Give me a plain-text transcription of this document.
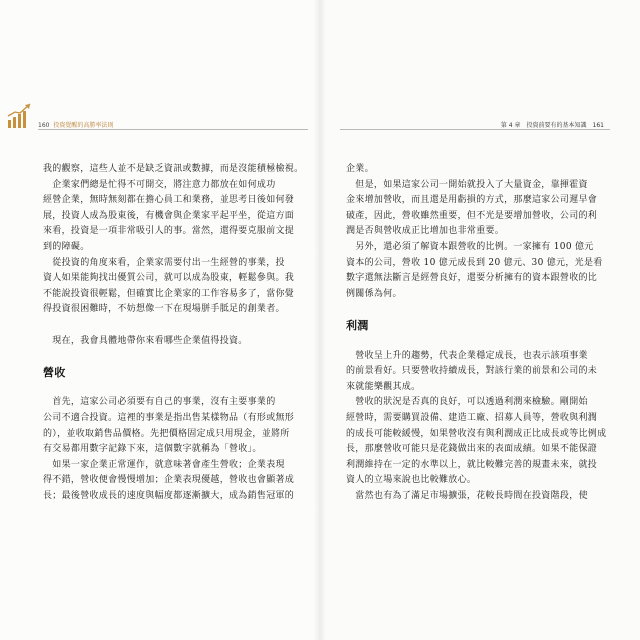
160 投資覺醒的高勝率法則

我的觀察，這些人並不是缺乏資訊或數據，而是沒能積極檢視。

　企業家們總是忙得不可開交，將注意力都放在如何成功

經營企業，無時無刻都在擔心員工和業務，並思考日後如何發

展，投資人成為股東後，有機會與企業家平起平坐，從這方面

來看，投資是一項非常吸引人的事。當然，還得要克服前文提

到的障礙。

　從投資的角度來看，企業家需要付出一生經營的事業，投

資人如果能夠找出優質公司，就可以成為股東，輕鬆參與。我

不能說投資很輕鬆，但確實比企業家的工作容易多了，當你覺

得投資很困難時，不妨想像一下在現場胼手胝足的創業者。

　現在，我會具體地帶你來看哪些企業值得投資。

營收

　首先，這家公司必須要有自己的事業，沒有主要事業的

公司不適合投資。這裡的事業是指出售某樣物品（有形或無形

的），並收取銷售品價格。先把價格固定成只用現金，並將所

有交易都用數字記錄下來，這個數字就稱為「營收」。

　如果一家企業正常運作，就意味著會產生營收；企業表現

得不錯，營收便會慢慢增加；企業表現優越，營收也會顯著成

長；最後營收成長的速度與幅度都逐漸擴大，成為銷售冠軍的

第 4 章 投資前要有的基本知識 161

企業。

　但是，如果這家公司一開始就投入了大量資金，靠揮霍資

金來增加營收，而且還是用虧損的方式，那麼這家公司遲早會

破產，因此，營收雖然重要，但不光是要增加營收，公司的利

潤是否與營收成正比增加也非常重要。

　另外，還必須了解資本跟營收的比例。一家擁有 100 億元

資本的公司，營收 10 億元成長到 20 億元、30 億元，光是看

數字還無法斷言是經營良好，還要分析擁有的資本跟營收的比

例關係為何。

利潤

　營收呈上升的趨勢，代表企業穩定成長，也表示該項事業

的前景看好。只要營收持續成長，對該行業的前景和公司的未

來就能樂觀其成。

　營收的狀況是否真的良好，可以透過利潤來檢驗。剛開始

經營時，需要購買設備、建造工廠、招募人員等，營收與利潤

的成長可能較緩慢，如果營收沒有與利潤成正比成長或等比例成

長，那麼營收可能只是花錢做出來的表面成績。如果不能保證

利潤維持在一定的水準以上，就比較難完善的規畫未來，就投

資人的立場來說也比較難放心。

　當然也有為了滿足市場擴張，花較長時間在投資階段，使
